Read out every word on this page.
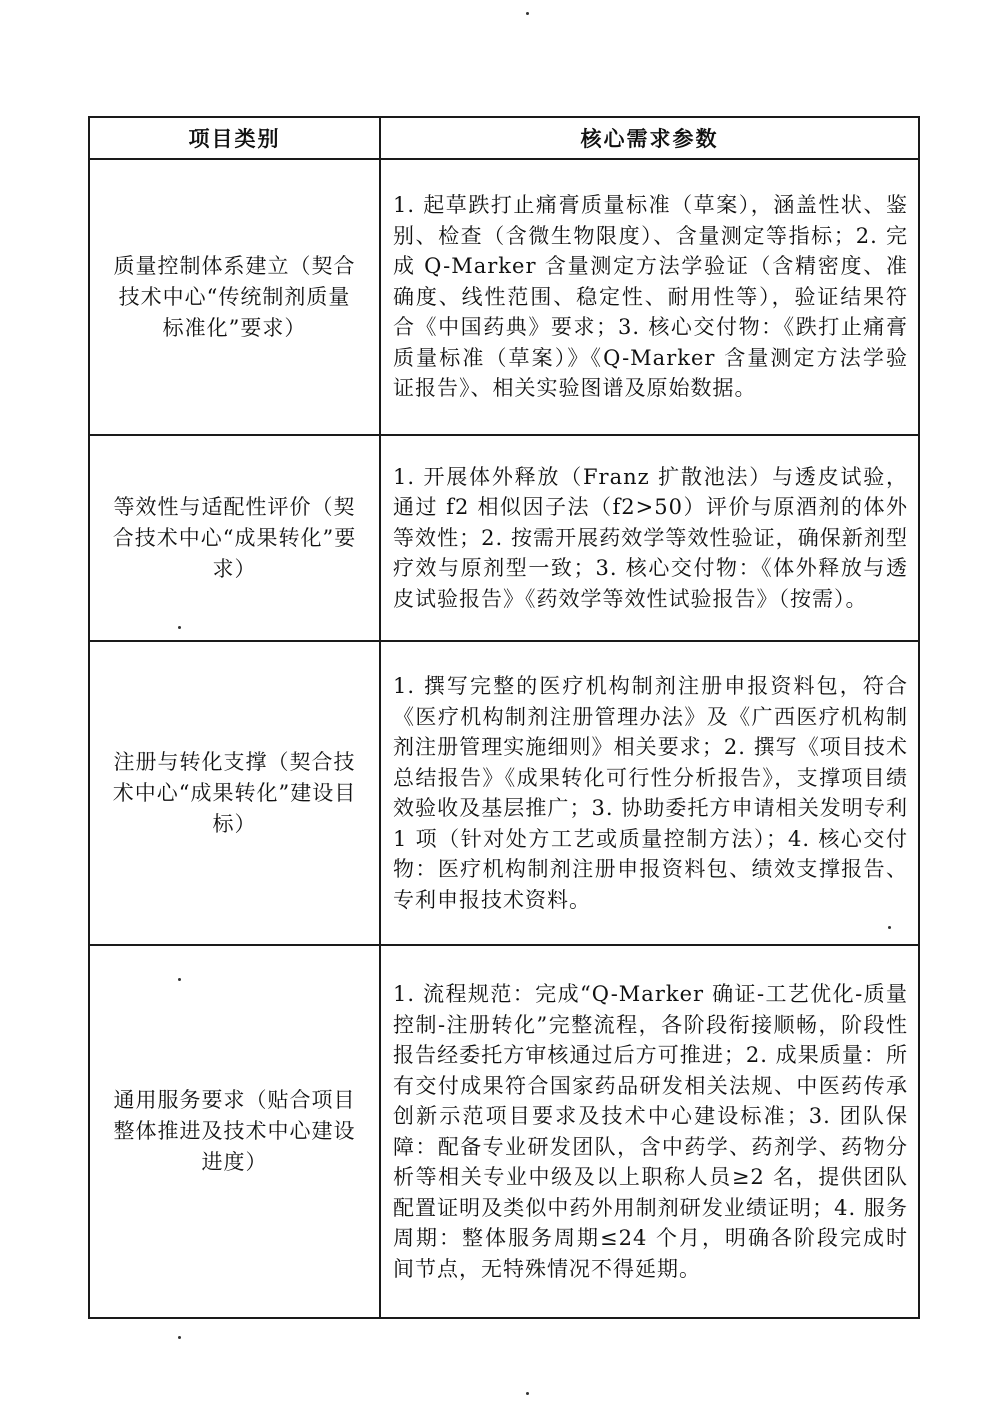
项目类别	核心需求参数
质量控制体系建立（契合技术中心“传统制剂质量标准化”要求）	1. 起草跌打止痛膏质量标准（草案），涵盖性状、鉴别、检查（含微生物限度）、含量测定等指标；2. 完成 Q-Marker 含量测定方法学验证（含精密度、准确度、线性范围、稳定性、耐用性等），验证结果符合《中国药典》要求；3. 核心交付物：《跌打止痛膏质量标准（草案）》《Q-Marker 含量测定方法学验证报告》、相关实验图谱及原始数据。
等效性与适配性评价（契合技术中心“成果转化”要求）	1. 开展体外释放（Franz 扩散池法）与透皮试验，通过 f2 相似因子法（f2>50）评价与原酒剂的体外等效性；2. 按需开展药效学等效性验证，确保新剂型疗效与原剂型一致；3. 核心交付物：《体外释放与透皮试验报告》《药效学等效性试验报告》（按需）。
注册与转化支撑（契合技术中心“成果转化”建设目标）	1. 撰写完整的医疗机构制剂注册申报资料包，符合《医疗机构制剂注册管理办法》及《广西医疗机构制剂注册管理实施细则》相关要求；2. 撰写《项目技术总结报告》《成果转化可行性分析报告》，支撑项目绩效验收及基层推广；3. 协助委托方申请相关发明专利 1 项（针对处方工艺或质量控制方法）；4. 核心交付物：医疗机构制剂注册申报资料包、绩效支撑报告、专利申报技术资料。
通用服务要求（贴合项目整体推进及技术中心建设进度）	1. 流程规范：完成“Q-Marker 确证-工艺优化-质量控制-注册转化”完整流程，各阶段衔接顺畅，阶段性报告经委托方审核通过后方可推进；2. 成果质量：所有交付成果符合国家药品研发相关法规、中医药传承创新示范项目要求及技术中心建设标准；3. 团队保障：配备专业研发团队，含中药学、药剂学、药物分析等相关专业中级及以上职称人员≥2 名，提供团队配置证明及类似中药外用制剂研发业绩证明；4. 服务周期：整体服务周期≤24 个月，明确各阶段完成时间节点，无特殊情况不得延期。
